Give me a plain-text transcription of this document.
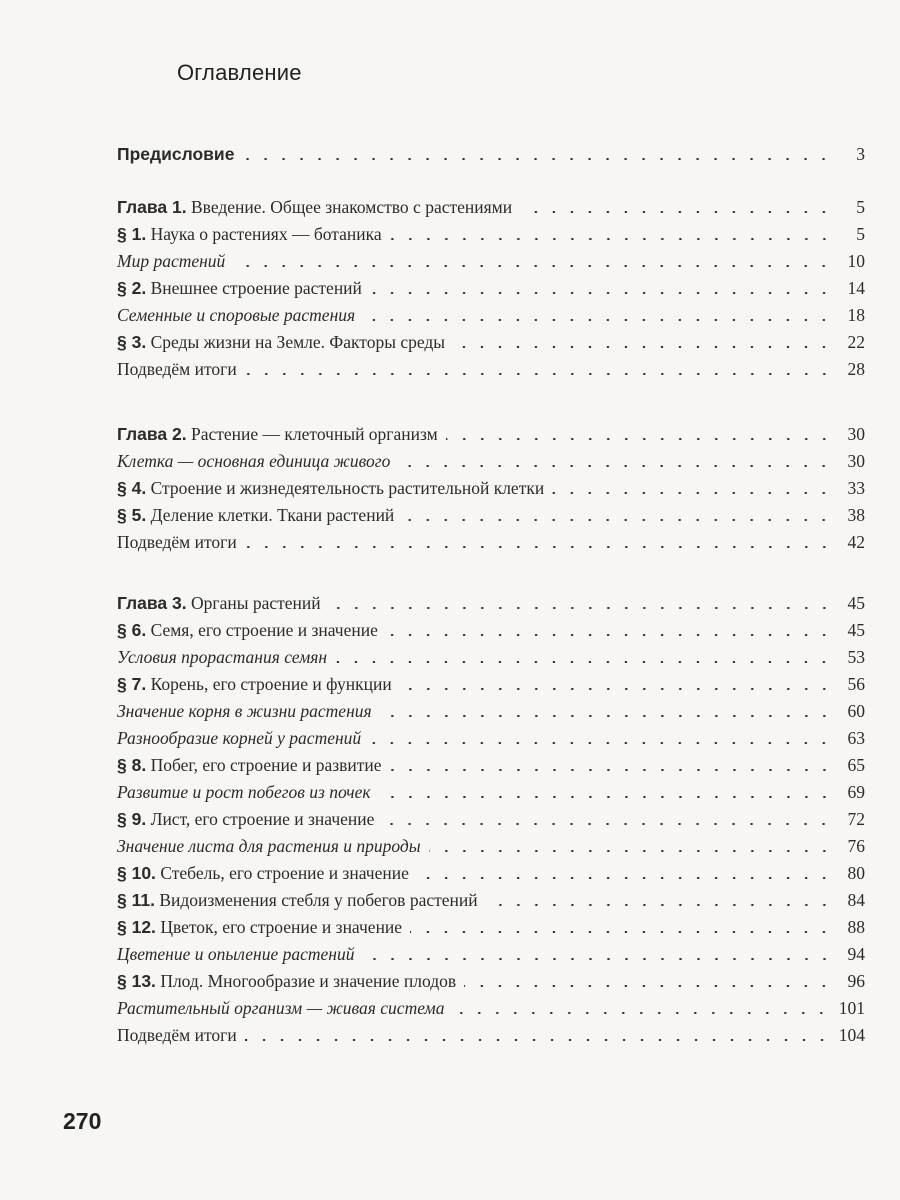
Оглавление
Предисловие	3
Глава 1. Введение. Общее знакомство с растениями	5
§ 1. Наука о растениях — ботаника	5
Мир растений	10
§ 2. Внешнее строение растений	14
Семенные и споровые растения	18
§ 3. Среды жизни на Земле. Факторы среды	22
Подведём итоги	28
Глава 2. Растение — клеточный организм	30
Клетка — основная единица живого	30
§ 4. Строение и жизнедеятельность растительной клетки	33
§ 5. Деление клетки. Ткани растений	38
Подведём итоги	42
Глава 3. Органы растений	45
§ 6. Семя, его строение и значение	45
Условия прорастания семян	53
§ 7. Корень, его строение и функции	56
Значение корня в жизни растения	60
Разнообразие корней у растений	63
§ 8. Побег, его строение и развитие	65
Развитие и рост побегов из почек	69
§ 9. Лист, его строение и значение	72
Значение листа для растения и природы	76
§ 10. Стебель, его строение и значение	80
§ 11. Видоизменения стебля у побегов растений	84
§ 12. Цветок, его строение и значение	88
Цветение и опыление растений	94
§ 13. Плод. Многообразие и значение плодов	96
Растительный организм — живая система	101
Подведём итоги	104
270
